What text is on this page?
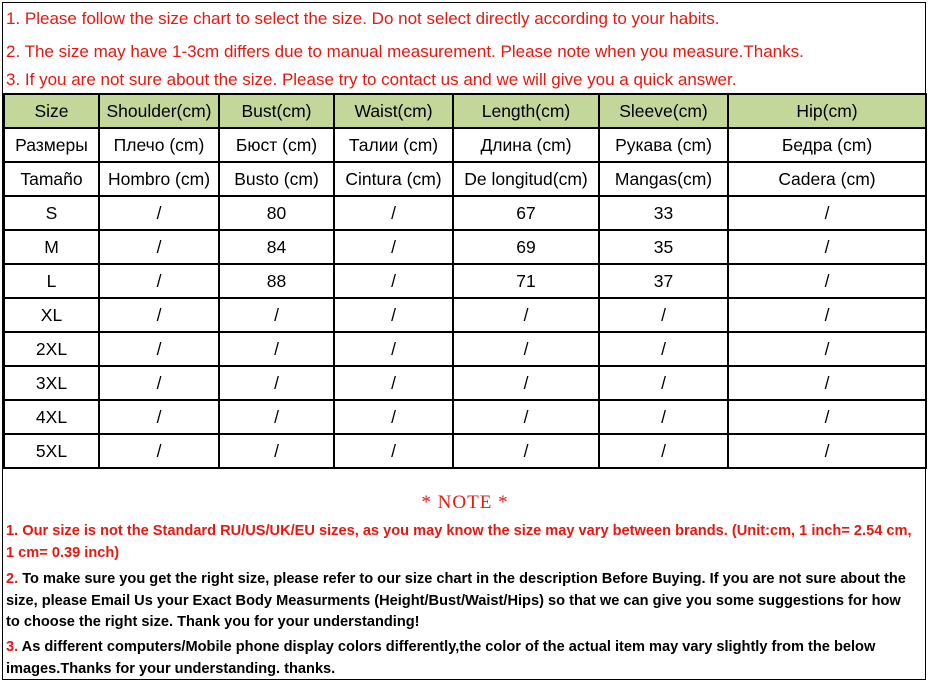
1. Please follow the size chart to select the size. Do not select directly according to your habits.
2. The size may have 1-3cm differs due to manual measurement. Please note when you measure.Thanks.
3. If you are not sure about the size. Please try to contact us and we will give you a quick answer.
Size	Shoulder(cm)	Bust(cm)	Waist(cm)	Length(cm)	Sleeve(cm)	Hip(cm)
Размеры	Плечо (cm)	Бюст (cm)	Талии (cm)	Длина (cm)	Рукава (cm)	Бедра (cm)
Tamaño	Hombro (cm)	Busto (cm)	Cintura (cm)	De longitud(cm)	Mangas(cm)	Cadera (cm)
S	/	80	/	67	33	/
M	/	84	/	69	35	/
L	/	88	/	71	37	/
XL	/	/	/	/	/	/
2XL	/	/	/	/	/	/
3XL	/	/	/	/	/	/
4XL	/	/	/	/	/	/
5XL	/	/	/	/	/	/
* NOTE *
1. Our size is not the Standard RU/US/UK/EU sizes, as you may know the size may vary between brands. (Unit:cm, 1 inch= 2.54 cm, 1 cm= 0.39 inch)
2. To make sure you get the right size, please refer to our size chart in the description Before Buying. If you are not sure about the size, please Email Us your Exact Body Measurments (Height/Bust/Waist/Hips) so that we can give you some suggestions for how to choose the right size. Thank you for your understanding!
3. As different computers/Mobile phone display colors differently,the color of the actual item may vary slightly from the below images.Thanks for your understanding. thanks.
